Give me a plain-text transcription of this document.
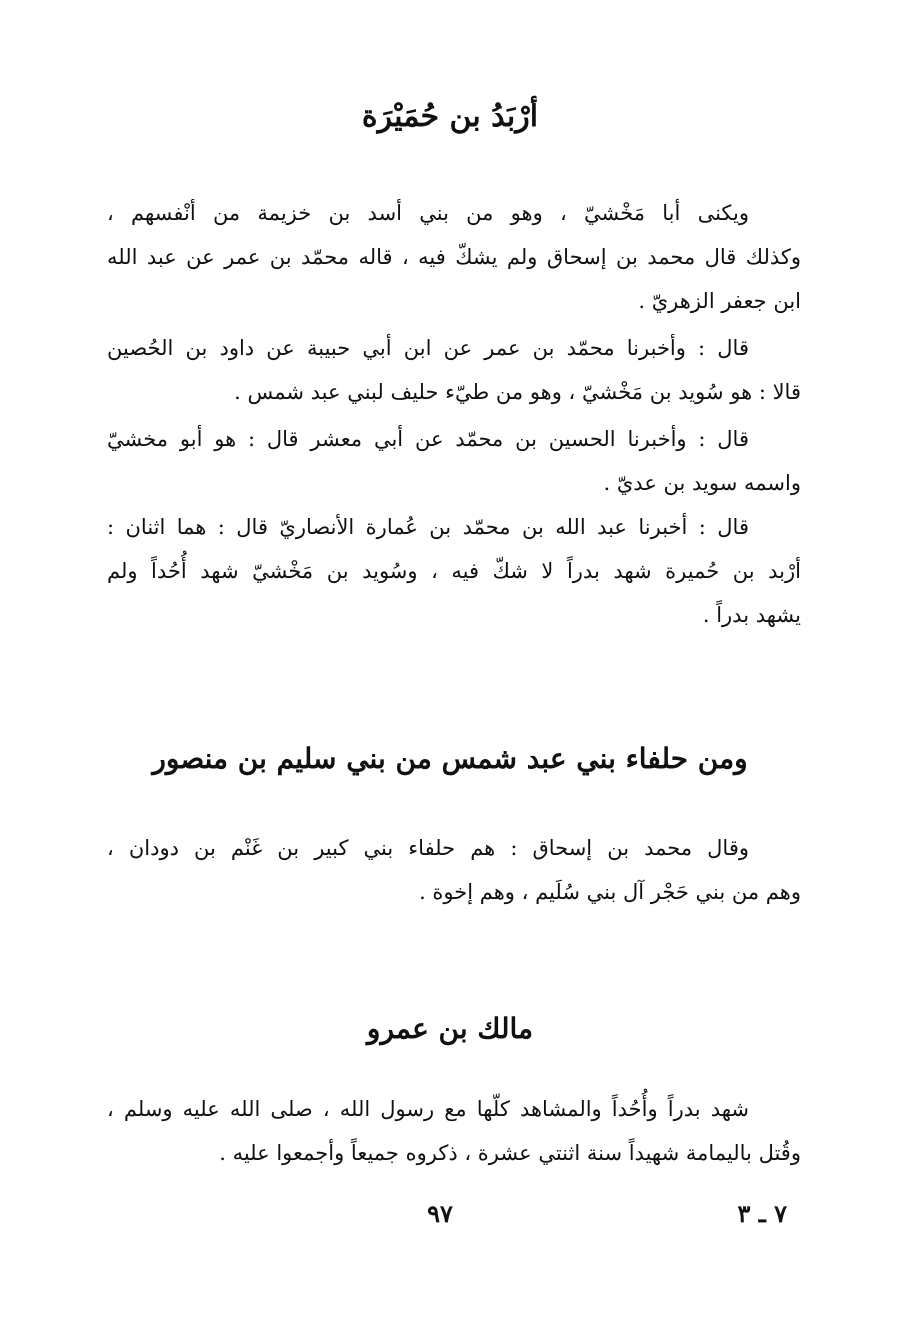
أرْبَدُ بن حُمَيْرَة
ويكنى أبا مَخْشيّ ، وهو من بني أسد بن خزيمة من أنْفسهم ،
وكذلك قال محمد بن إسحاق ولم يشكّ فيه ، قاله محمّد بن عمر عن عبد الله
ابن جعفر الزهريّ .
قال : وأخبرنا محمّد بن عمر عن ابن أبي حبيبة عن داود بن الحُصين
قالا : هو سُويد بن مَخْشيّ ، وهو من طيّء حليف لبني عبد شمس .
قال : وأخبرنا الحسين بن محمّد عن أبي معشر قال : هو أبو مخشيّ
واسمه سويد بن عديّ .
قال : أخبرنا عبد الله بن محمّد بن عُمارة الأنصاريّ قال : هما اثنان :
أرْبد بن حُميرة شهد بدراً لا شكّ فيه ، وسُويد بن مَخْشيّ شهد أُحُداً ولم
يشهد بدراً .
ومن حلفاء بني عبد شمس من بني سليم بن منصور
وقال محمد بن إسحاق : هم حلفاء بني كبير بن غَنْم بن دودان ،
وهم من بني حَجْر آل بني سُلَيم ، وهم إخوة .
مالك بن عمرو
شهد بدراً وأُحُداً والمشاهد كلّها مع رسول الله ، صلى الله عليه وسلم ،
وقُتل باليمامة شهيداً سنة اثنتي عشرة ، ذكروه جميعاً وأجمعوا عليه .
٩٧	٧ ـ ٣
